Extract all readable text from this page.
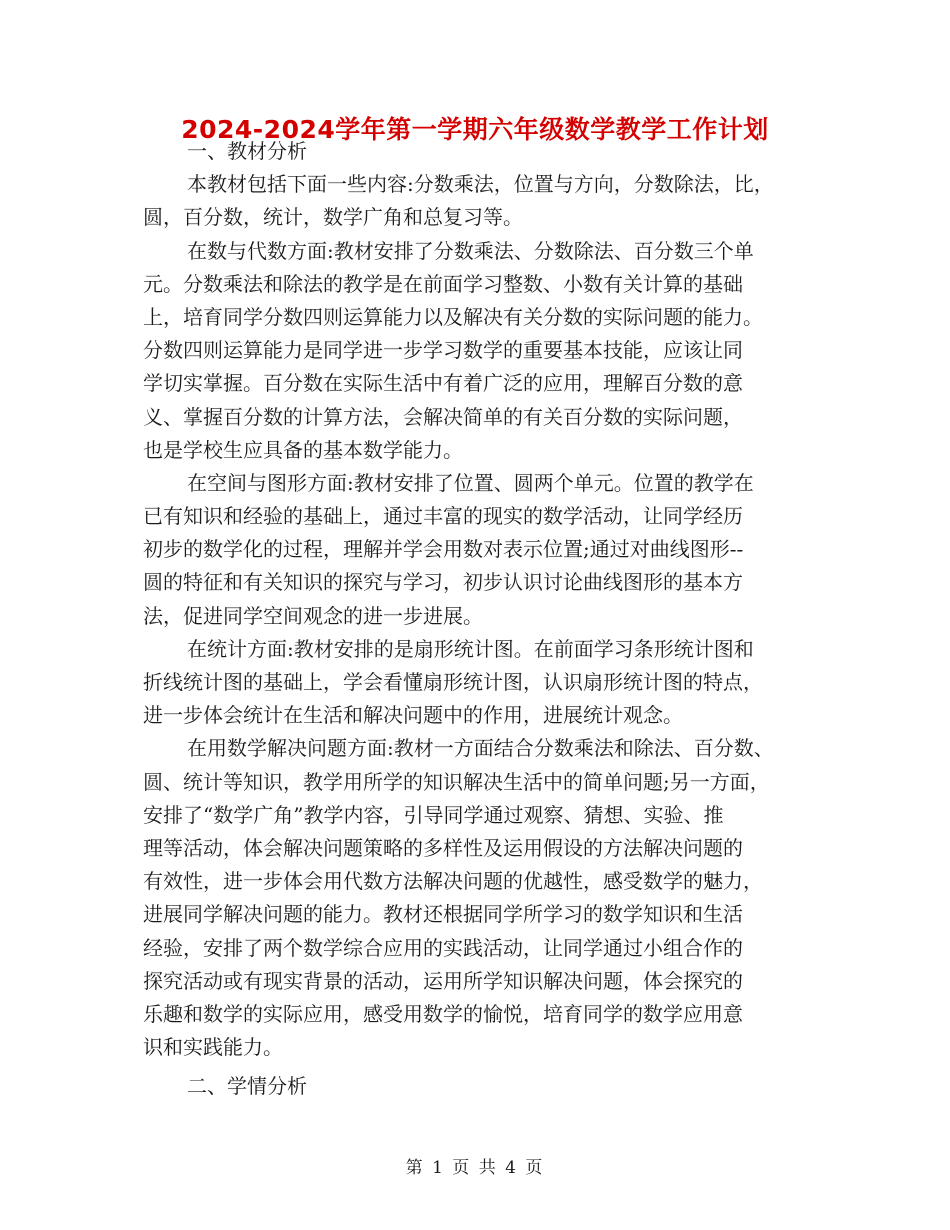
2024-2024学年第一学期六年级数学教学工作计划
一、教材分析
本教材包括下面一些内容:分数乘法，位置与方向，分数除法，比，
圆，百分数，统计，数学广角和总复习等。
在数与代数方面:教材安排了分数乘法、分数除法、百分数三个单
元。分数乘法和除法的教学是在前面学习整数、小数有关计算的基础
上，培育同学分数四则运算能力以及解决有关分数的实际问题的能力。
分数四则运算能力是同学进一步学习数学的重要基本技能，应该让同
学切实掌握。百分数在实际生活中有着广泛的应用，理解百分数的意
义、掌握百分数的计算方法，会解决简单的有关百分数的实际问题，
也是学校生应具备的基本数学能力。
在空间与图形方面:教材安排了位置、圆两个单元。位置的教学在
已有知识和经验的基础上，通过丰富的现实的数学活动，让同学经历
初步的数学化的过程，理解并学会用数对表示位置;通过对曲线图形--
圆的特征和有关知识的探究与学习，初步认识讨论曲线图形的基本方
法，促进同学空间观念的进一步进展。
在统计方面:教材安排的是扇形统计图。在前面学习条形统计图和
折线统计图的基础上，学会看懂扇形统计图，认识扇形统计图的特点，
进一步体会统计在生活和解决问题中的作用，进展统计观念。
在用数学解决问题方面:教材一方面结合分数乘法和除法、百分数、
圆、统计等知识，教学用所学的知识解决生活中的简单问题;另一方面，
安排了“数学广角”教学内容，引导同学通过观察、猜想、实验、推
理等活动，体会解决问题策略的多样性及运用假设的方法解决问题的
有效性，进一步体会用代数方法解决问题的优越性，感受数学的魅力，
进展同学解决问题的能力。教材还根据同学所学习的数学知识和生活
经验，安排了两个数学综合应用的实践活动，让同学通过小组合作的
探究活动或有现实背景的活动，运用所学知识解决问题，体会探究的
乐趣和数学的实际应用，感受用数学的愉悦，培育同学的数学应用意
识和实践能力。
二、学情分析
第 1 页 共 4 页
